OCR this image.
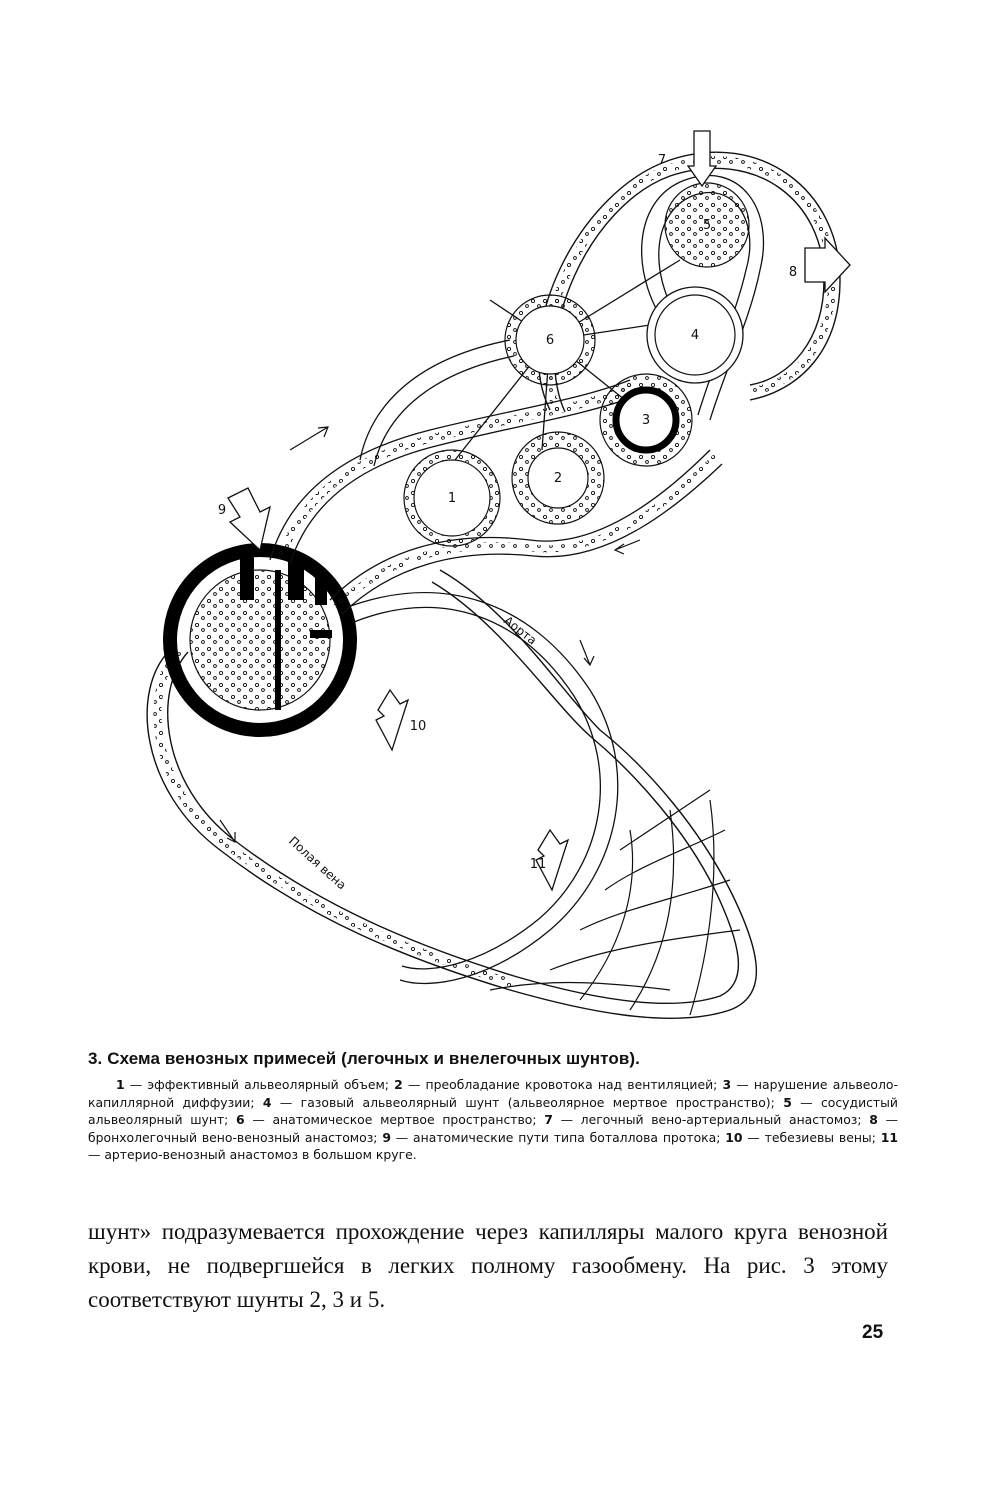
1
2
3
4
5
6
7
8
9
10
11
Аорта
Полая вена

3. Схема венозных примесей (легочных и внелегочных шунтов).

1 — эффективный альвеолярный объем; 2 — преобладание кровотока над вентиляцией; 3 — нарушение альвеоло-капиллярной диффузии; 4 — газовый альвеолярный шунт (альвеолярное мертвое пространство); 5 — сосудистый альвеолярный шунт; 6 — анатомическое мертвое пространство; 7 — легочный вено-артериальный анастомоз; 8 — бронхолегочный вено-венозный анастомоз; 9 — анатомические пути типа боталлова протока; 10 — тебезиевы вены; 11 — артерио-венозный анастомоз в большом круге.

шунт» подразумевается прохождение через капилляры малого круга венозной крови, не подвергшейся в легких полному газообмену. На рис. 3 этому соответствуют шунты 2, 3 и 5.

25
